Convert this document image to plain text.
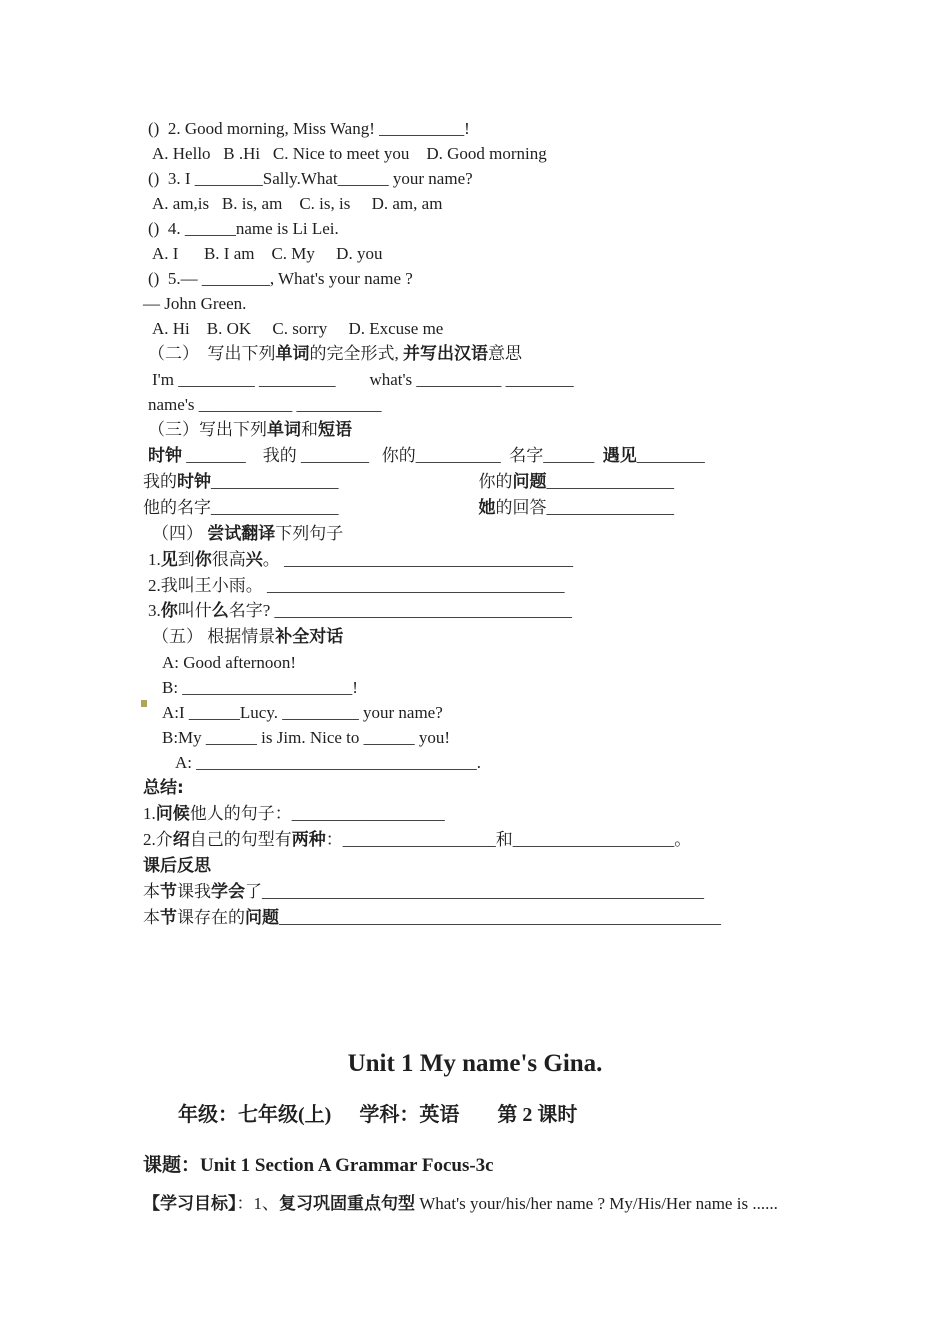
()  2. Good morning, Miss Wang! __________!
A. Hello   B .Hi   C. Nice to meet you    D. Good morning
()  3. I ________Sally.What______ your name?
A. am,is   B. is, am    C. is, is     D. am, am
()  4. ______name is Li Lei.
A. I      B. I am    C. My     D. you
()  5.— ________, What's your name ?
— John Green.
A. Hi    B. OK     C. sorry     D. Excuse me
（二）  写出下列单词的完全形式, 并写出汉语意思
I'm _________ _________ what's __________ ________
name's ___________ __________
（三）写出下列单词和短语
时钟 _______    我的 ________   你的__________  名字______  遇见________
我的时钟_______________	你的问题_______________
他的名字_______________	她的回答_______________
（四） 尝试翻译下列句子
1.见到你很高兴。 __________________________________
2.我叫王小雨。 ___________________________________
3.你叫什么名字? ___________________________________
（五） 根据情景补全对话
A: Good afternoon!
B: ____________________!
A:I ______Lucy. _________ your name?
B:My ______ is Jim. Nice to ______ you!
A: _________________________________.
总结:
1.问候他人的句子：__________________
2.介绍自己的句型有两种：__________________和___________________。
课后反思
本节课我学会了____________________________________________________
本节课存在的问题____________________________________________________
Unit 1 My name's Gina.
年级：七年级(上) 学科：英语 第 2 课时
课题：Unit 1 Section A Grammar Focus-3c
【学习目标】：1、复习巩固重点句型 What's your/his/her name ? My/His/Her name is ......
